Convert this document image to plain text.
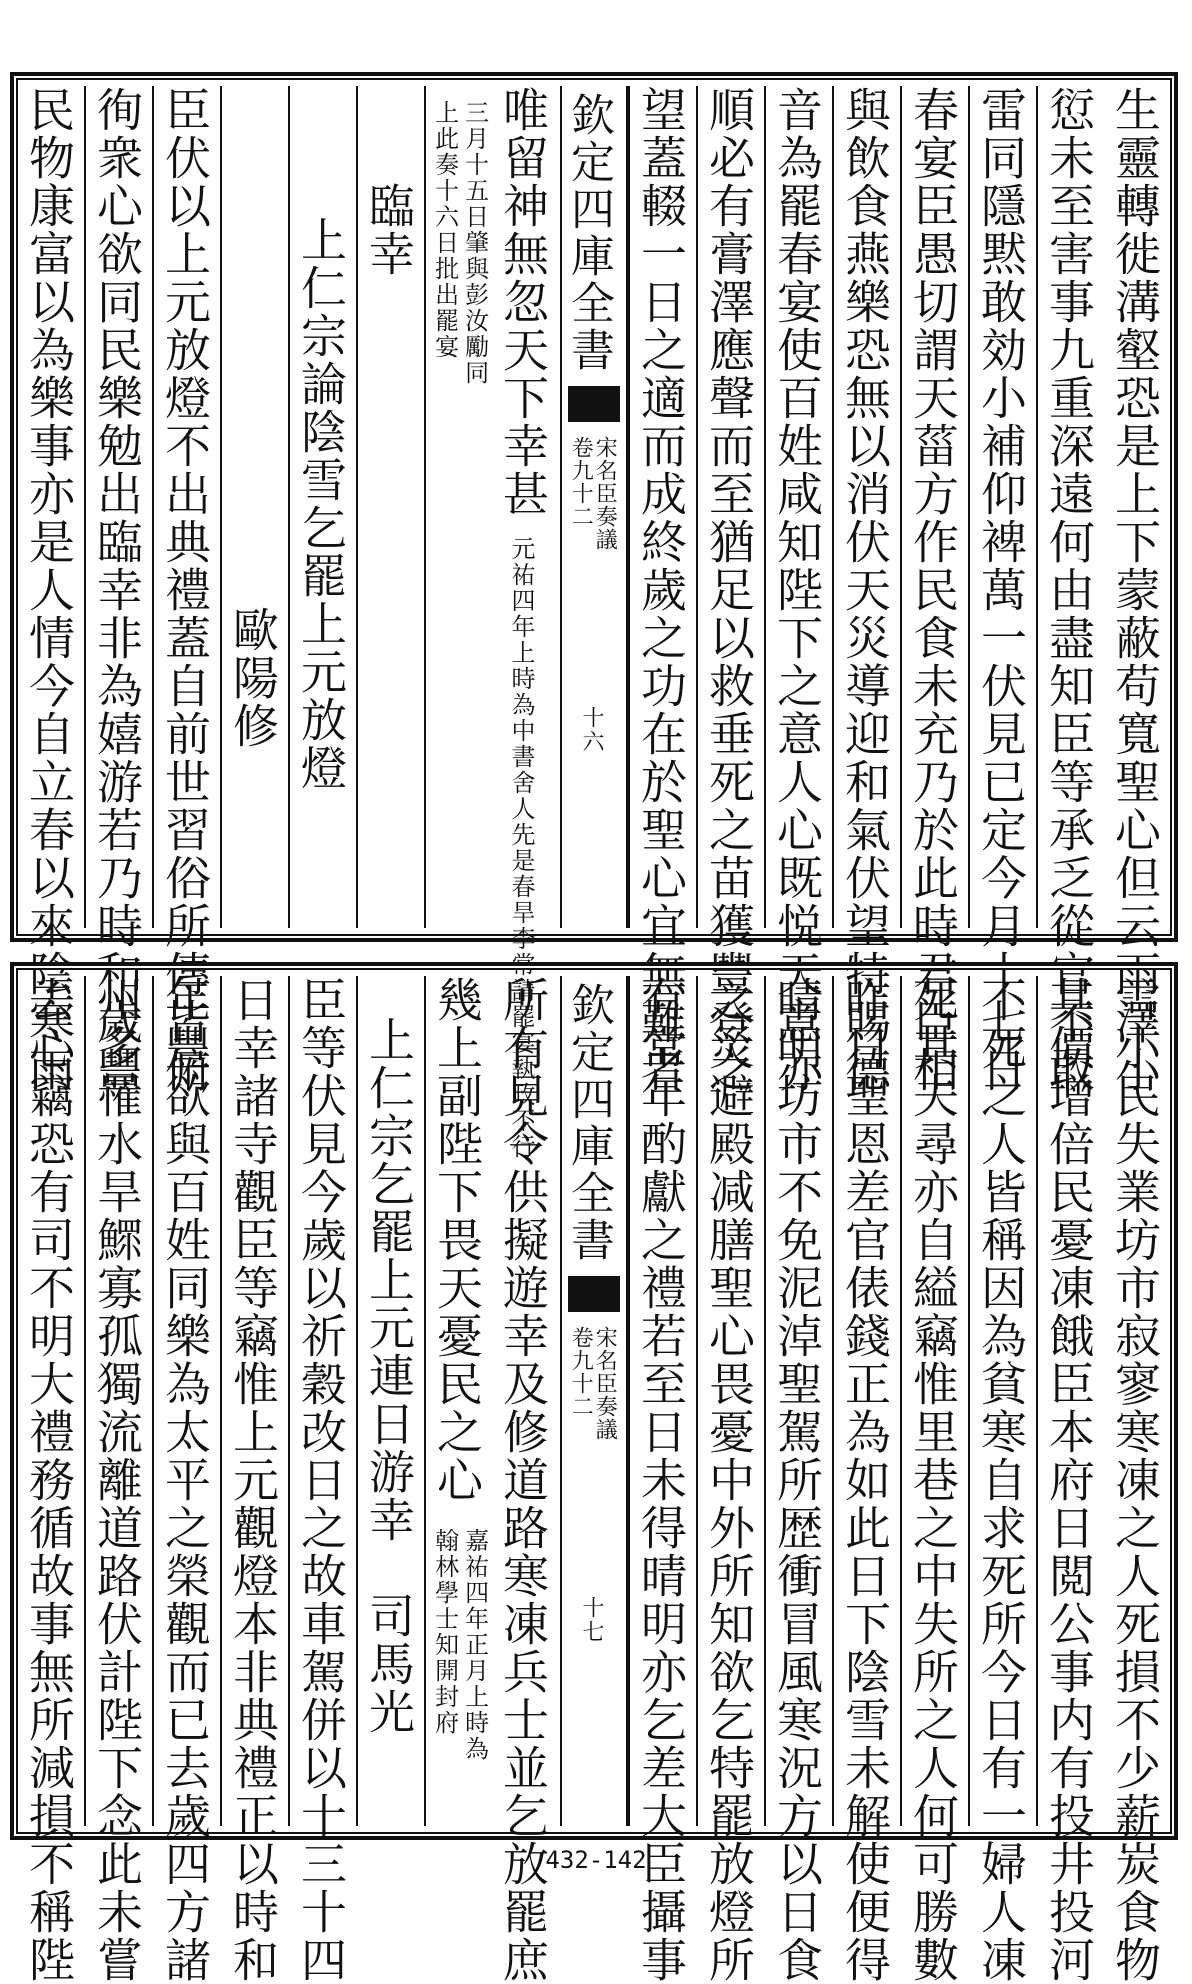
生靈轉徙溝壑恐是上下蒙蔽苟寬聖心但云雨澤小
愆未至害事九重深遠何由盡知臣等承乏從官不敢
雷同隱黙敢効小補仰裨萬一伏見已定今月十七日
春宴臣愚切謂天菑方作民食未充乃於此時君臣相
與飲食燕樂恐無以消伏天災導迎和氣伏望特賜德
音為罷春宴使百姓咸知陛下之意人心既悦天意亦
順必有膏澤應聲而至猶足以救垂死之苗獲豐登之
望蓋輟一日之適而成終歲之功在於聖心宜無難者
欽定四庫全書
宋名臣奏議
卷九十二
十六
唯留神無忽天下幸甚
元祐四年上時為中書舍人先是春旱李常請罷宴執政不行
三月十五日肇與彭汝勵同
上此奏十六日批出罷宴
臨幸
上仁宗論陰雪乞罷上元放燈
歐陽修
臣伏以上元放燈不出典禮蓋自前世習俗所傳皆俯
徇衆心欲同民樂勉出臨幸非為嬉游若乃時和歲豐
民物康富以為樂事亦是人情今自立春以來陰寒雨
雪小民失業坊市寂寥寒凍之人死損不少薪炭食物
其價增倍民憂凍餓臣本府日閲公事内有投井投河
不死之人皆稱因為貧寒自求死所今日有一婦人凍
死其夫尋亦自縊竊惟里巷之中失所之人何可勝數
昨日聖恩差官俵錢正為如此日下陰雪未解使便得
晴明坊市不免泥淖聖駕所歴衝冒風寒況方以日食
之災避殿减膳聖心畏憂中外所知欲乞特罷放燈所
有常年酌獻之禮若至日未得晴明亦乞差大臣攝事
欽定四庫全書
宋名臣奏議
卷九十二
十七
所有見令供擬遊幸及修道路寒凍兵士並乞放罷庶
幾上副陛下畏天憂民之心
嘉祐四年正月上時為
翰林學士知開封府
上仁宗乞罷上元連日游幸　司馬光
臣等伏見今歲以祈穀改日之故車駕併以十三十四
日幸諸寺觀臣等竊惟上元觀燈本非典禮正以時和
年豐欲與百姓同樂為太平之榮觀而已去歲四方諸
州多罹水旱鰥寡孤獨流離道路伏計陛下念此未嘗
去心竊恐有司不明大禮務循故事無所減損不稱陛	432-142
